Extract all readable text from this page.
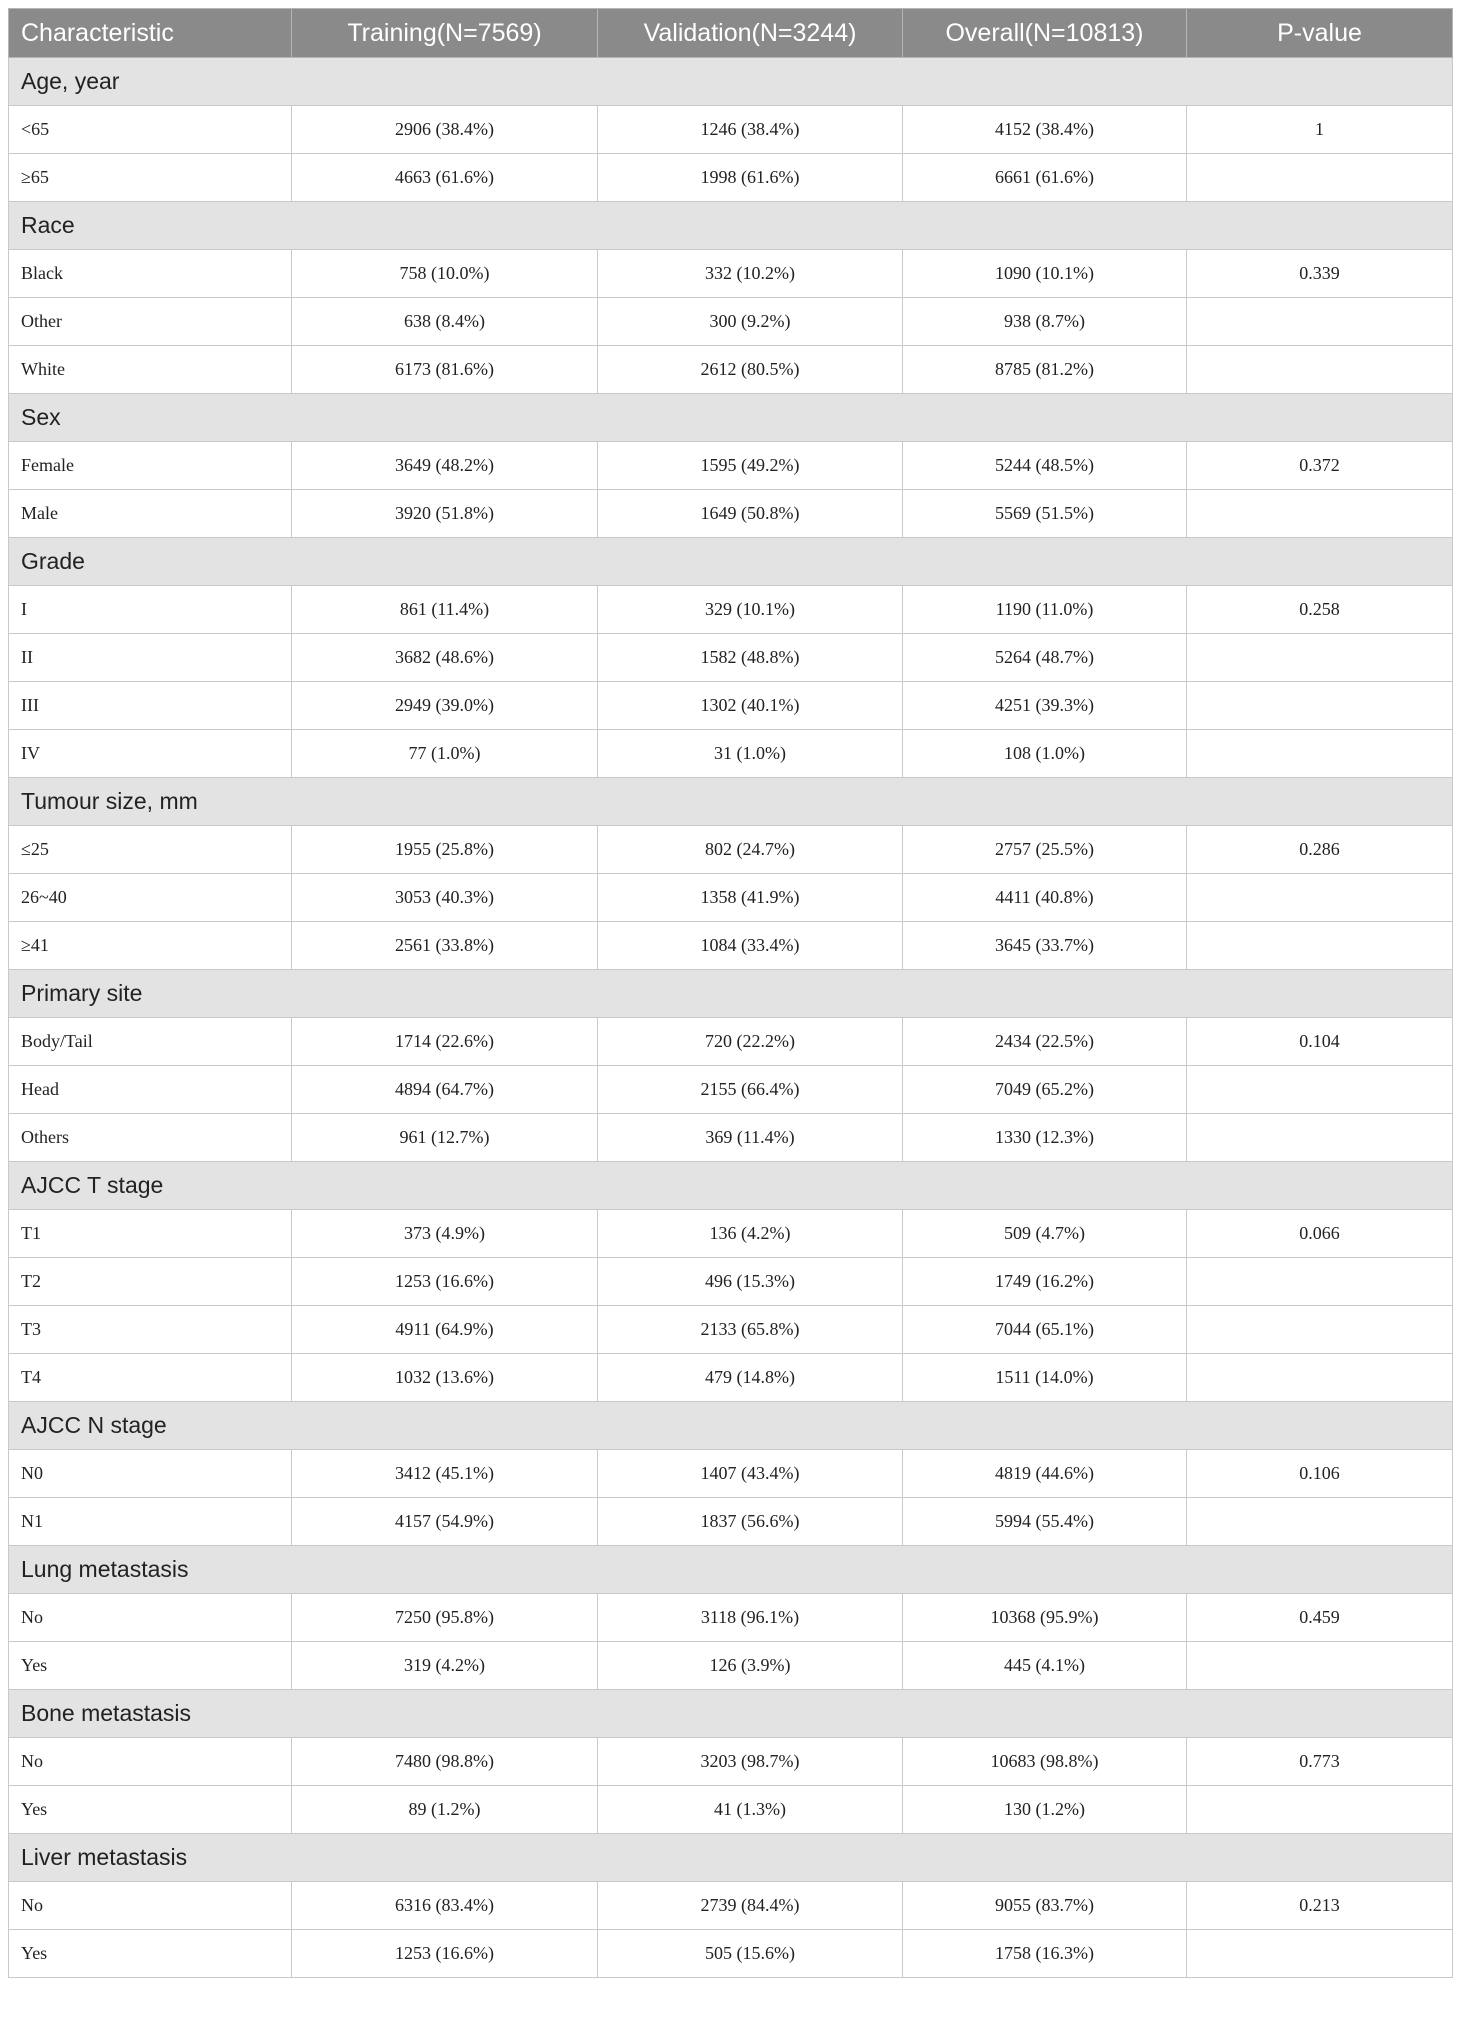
Characteristic	Training(N=7569)	Validation(N=3244)	Overall(N=10813)	P-value
Age, year				
<65	2906 (38.4%)	1246 (38.4%)	4152 (38.4%)	1
≥65	4663 (61.6%)	1998 (61.6%)	6661 (61.6%)	
Race				
Black	758 (10.0%)	332 (10.2%)	1090 (10.1%)	0.339
Other	638 (8.4%)	300 (9.2%)	938 (8.7%)	
White	6173 (81.6%)	2612 (80.5%)	8785 (81.2%)	
Sex				
Female	3649 (48.2%)	1595 (49.2%)	5244 (48.5%)	0.372
Male	3920 (51.8%)	1649 (50.8%)	5569 (51.5%)	
Grade				
I	861 (11.4%)	329 (10.1%)	1190 (11.0%)	0.258
II	3682 (48.6%)	1582 (48.8%)	5264 (48.7%)	
III	2949 (39.0%)	1302 (40.1%)	4251 (39.3%)	
IV	77 (1.0%)	31 (1.0%)	108 (1.0%)	
Tumour size, mm				
≤25	1955 (25.8%)	802 (24.7%)	2757 (25.5%)	0.286
26~40	3053 (40.3%)	1358 (41.9%)	4411 (40.8%)	
≥41	2561 (33.8%)	1084 (33.4%)	3645 (33.7%)	
Primary site				
Body/Tail	1714 (22.6%)	720 (22.2%)	2434 (22.5%)	0.104
Head	4894 (64.7%)	2155 (66.4%)	7049 (65.2%)	
Others	961 (12.7%)	369 (11.4%)	1330 (12.3%)	
AJCC T stage				
T1	373 (4.9%)	136 (4.2%)	509 (4.7%)	0.066
T2	1253 (16.6%)	496 (15.3%)	1749 (16.2%)	
T3	4911 (64.9%)	2133 (65.8%)	7044 (65.1%)	
T4	1032 (13.6%)	479 (14.8%)	1511 (14.0%)	
AJCC N stage				
N0	3412 (45.1%)	1407 (43.4%)	4819 (44.6%)	0.106
N1	4157 (54.9%)	1837 (56.6%)	5994 (55.4%)	
Lung metastasis				
No	7250 (95.8%)	3118 (96.1%)	10368 (95.9%)	0.459
Yes	319 (4.2%)	126 (3.9%)	445 (4.1%)	
Bone metastasis				
No	7480 (98.8%)	3203 (98.7%)	10683 (98.8%)	0.773
Yes	89 (1.2%)	41 (1.3%)	130 (1.2%)	
Liver metastasis				
No	6316 (83.4%)	2739 (84.4%)	9055 (83.7%)	0.213
Yes	1253 (16.6%)	505 (15.6%)	1758 (16.3%)	
